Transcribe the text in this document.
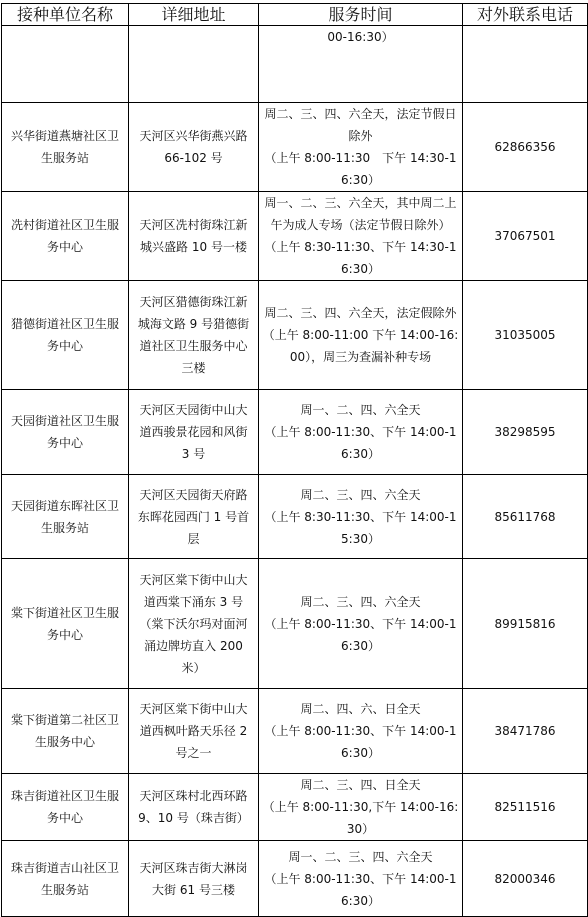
接种单位名称	详细地址	服务时间	对外联系电话

		00-16:30）	

兴华街道燕塘社区卫生服务站	天河区兴华街燕兴路 66-102 号	周二、三、四、六全天，法定节假日除外
（上午 8:00-11:30　下午 14:30-16:30）	62866356
冼村街道社区卫生服务中心	天河区冼村街珠江新城兴盛路 10 号一楼	周一、二、三、六全天，其中周二上午为成人专场（法定节假日除外）
（上午 8:30-11:30、下午 14:30-16:30）	37067501
猎德街道社区卫生服务中心	天河区猎德街珠江新城海文路 9 号猎德街道社区卫生服务中心三楼	周二、三、四、六全天，法定假除外
（上午 8:00-11:00 下午 14:00-16:00），周三为查漏补种专场	31035005
天园街道社区卫生服务中心	天河区天园街中山大道西骏景花园和风街 3 号	周一、二、四、六全天
（上午 8:00-11:30、下午 14:00-16:30）	38298595
天园街道东晖社区卫生服务站	天河区天园街天府路东晖花园西门 1 号首层	周二、三、四、六全天
（上午 8:30-11:30、下午 14:00-15:30）	85611768
棠下街道社区卫生服务中心	天河区棠下街中山大道西棠下涌东 3 号（棠下沃尔玛对面河涌边牌坊直入 200 米）	周二、三、四、六全天
（上午 8:00-11:30、下午 14:00-16:30）	89915816
棠下街道第二社区卫生服务中心	天河区棠下街中山大道西枫叶路天乐径 2 号之一	周二、四、六、日全天
（上午 8:00-11:30、下午 14:00-16:30）	38471786
珠吉街道社区卫生服务中心	天河区珠村北西环路 9、10 号（珠吉街）	周二、三、四、日全天
（上午 8:00-11:30,下午 14:00-16:30）	82511516
珠吉街道吉山社区卫生服务站	天河区珠吉街大淋岗大街 61 号三楼	周一、二、三、四、六全天
（上午 8:00-11:30、下午 14:00-16:30）	82000346
